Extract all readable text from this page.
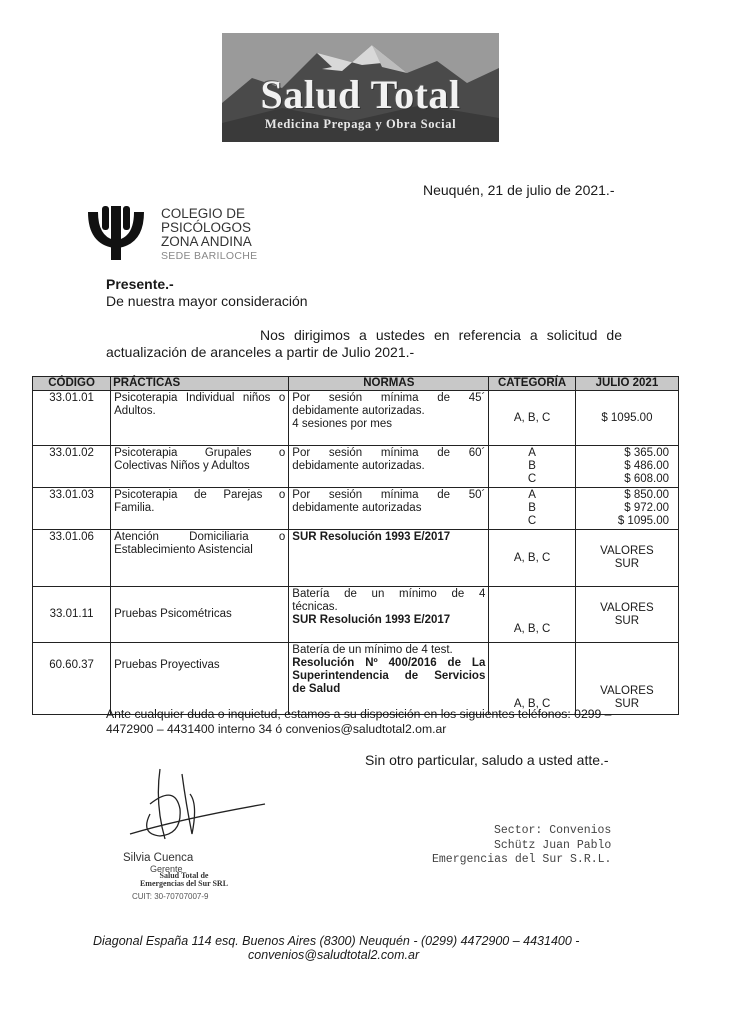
Salud Total
Medicina Prepaga y Obra Social
Neuquén, 21 de julio de 2021.-
COLEGIO DE
PSICÓLOGOS
ZONA ANDINA
SEDE BARILOCHE
Presente.-
De nuestra mayor consideración
Nos dirigimos a ustedes en referencia a solicitud de
actualización de aranceles a partir de Julio 2021.-
CÓDIGO	PRÁCTICAS	NORMAS	CATEGORÍA	JULIO 2021
33.01.01	Psicoterapia Individual niños o Adultos.	Por sesión mínima de 45´
debidamente autorizadas.
4 sesiones por mes	A, B, C	$ 1095.00
33.01.02	Psicoterapia Grupales o Colectivas Niños y Adultos	Por sesión mínima de 60´
debidamente autorizadas.	A
B
C	$ 365.00
$ 486.00
$ 608.00

33.01.03	Psicoterapia de Parejas o Familia.	Por sesión mínima de 50´
debidamente autorizadas	A
B
C	$ 850.00
$ 972.00
$ 1095.00

33.01.06	Atención Domiciliaria o Establecimiento Asistencial	SUR Resolución 1993 E/2017	A, B, C	VALORES
SUR

33.01.11	Pruebas Psicométricas	Batería de un mínimo de 4
técnicas.
SUR Resolución 1993 E/2017	A, B, C	VALORES
SUR

60.60.37	Pruebas Proyectivas	Batería de un mínimo de 4 test.
Resolución Nº 400/2016 de La
Superintendencia de Servicios
de Salud	A, B, C	VALORES
SUR
Ante cualquier duda o inquietud, estamos a su disposición en los siguientes teléfonos: 0299 –
4472900 – 4431400 interno 34 ó convenios@saludtotal2.om.ar
Sin otro particular, saludo a usted atte.-
Silvia Cuenca
Gerente
Salud Total de
Emergencias del Sur SRL
CUIT: 30-70707007-9
Sector: Convenios
Schütz Juan Pablo
Emergencias del Sur S.R.L.
Diagonal España 114 esq. Buenos Aires (8300) Neuquén - (0299) 4472900 – 4431400 -
convenios@saludtotal2.com.ar
